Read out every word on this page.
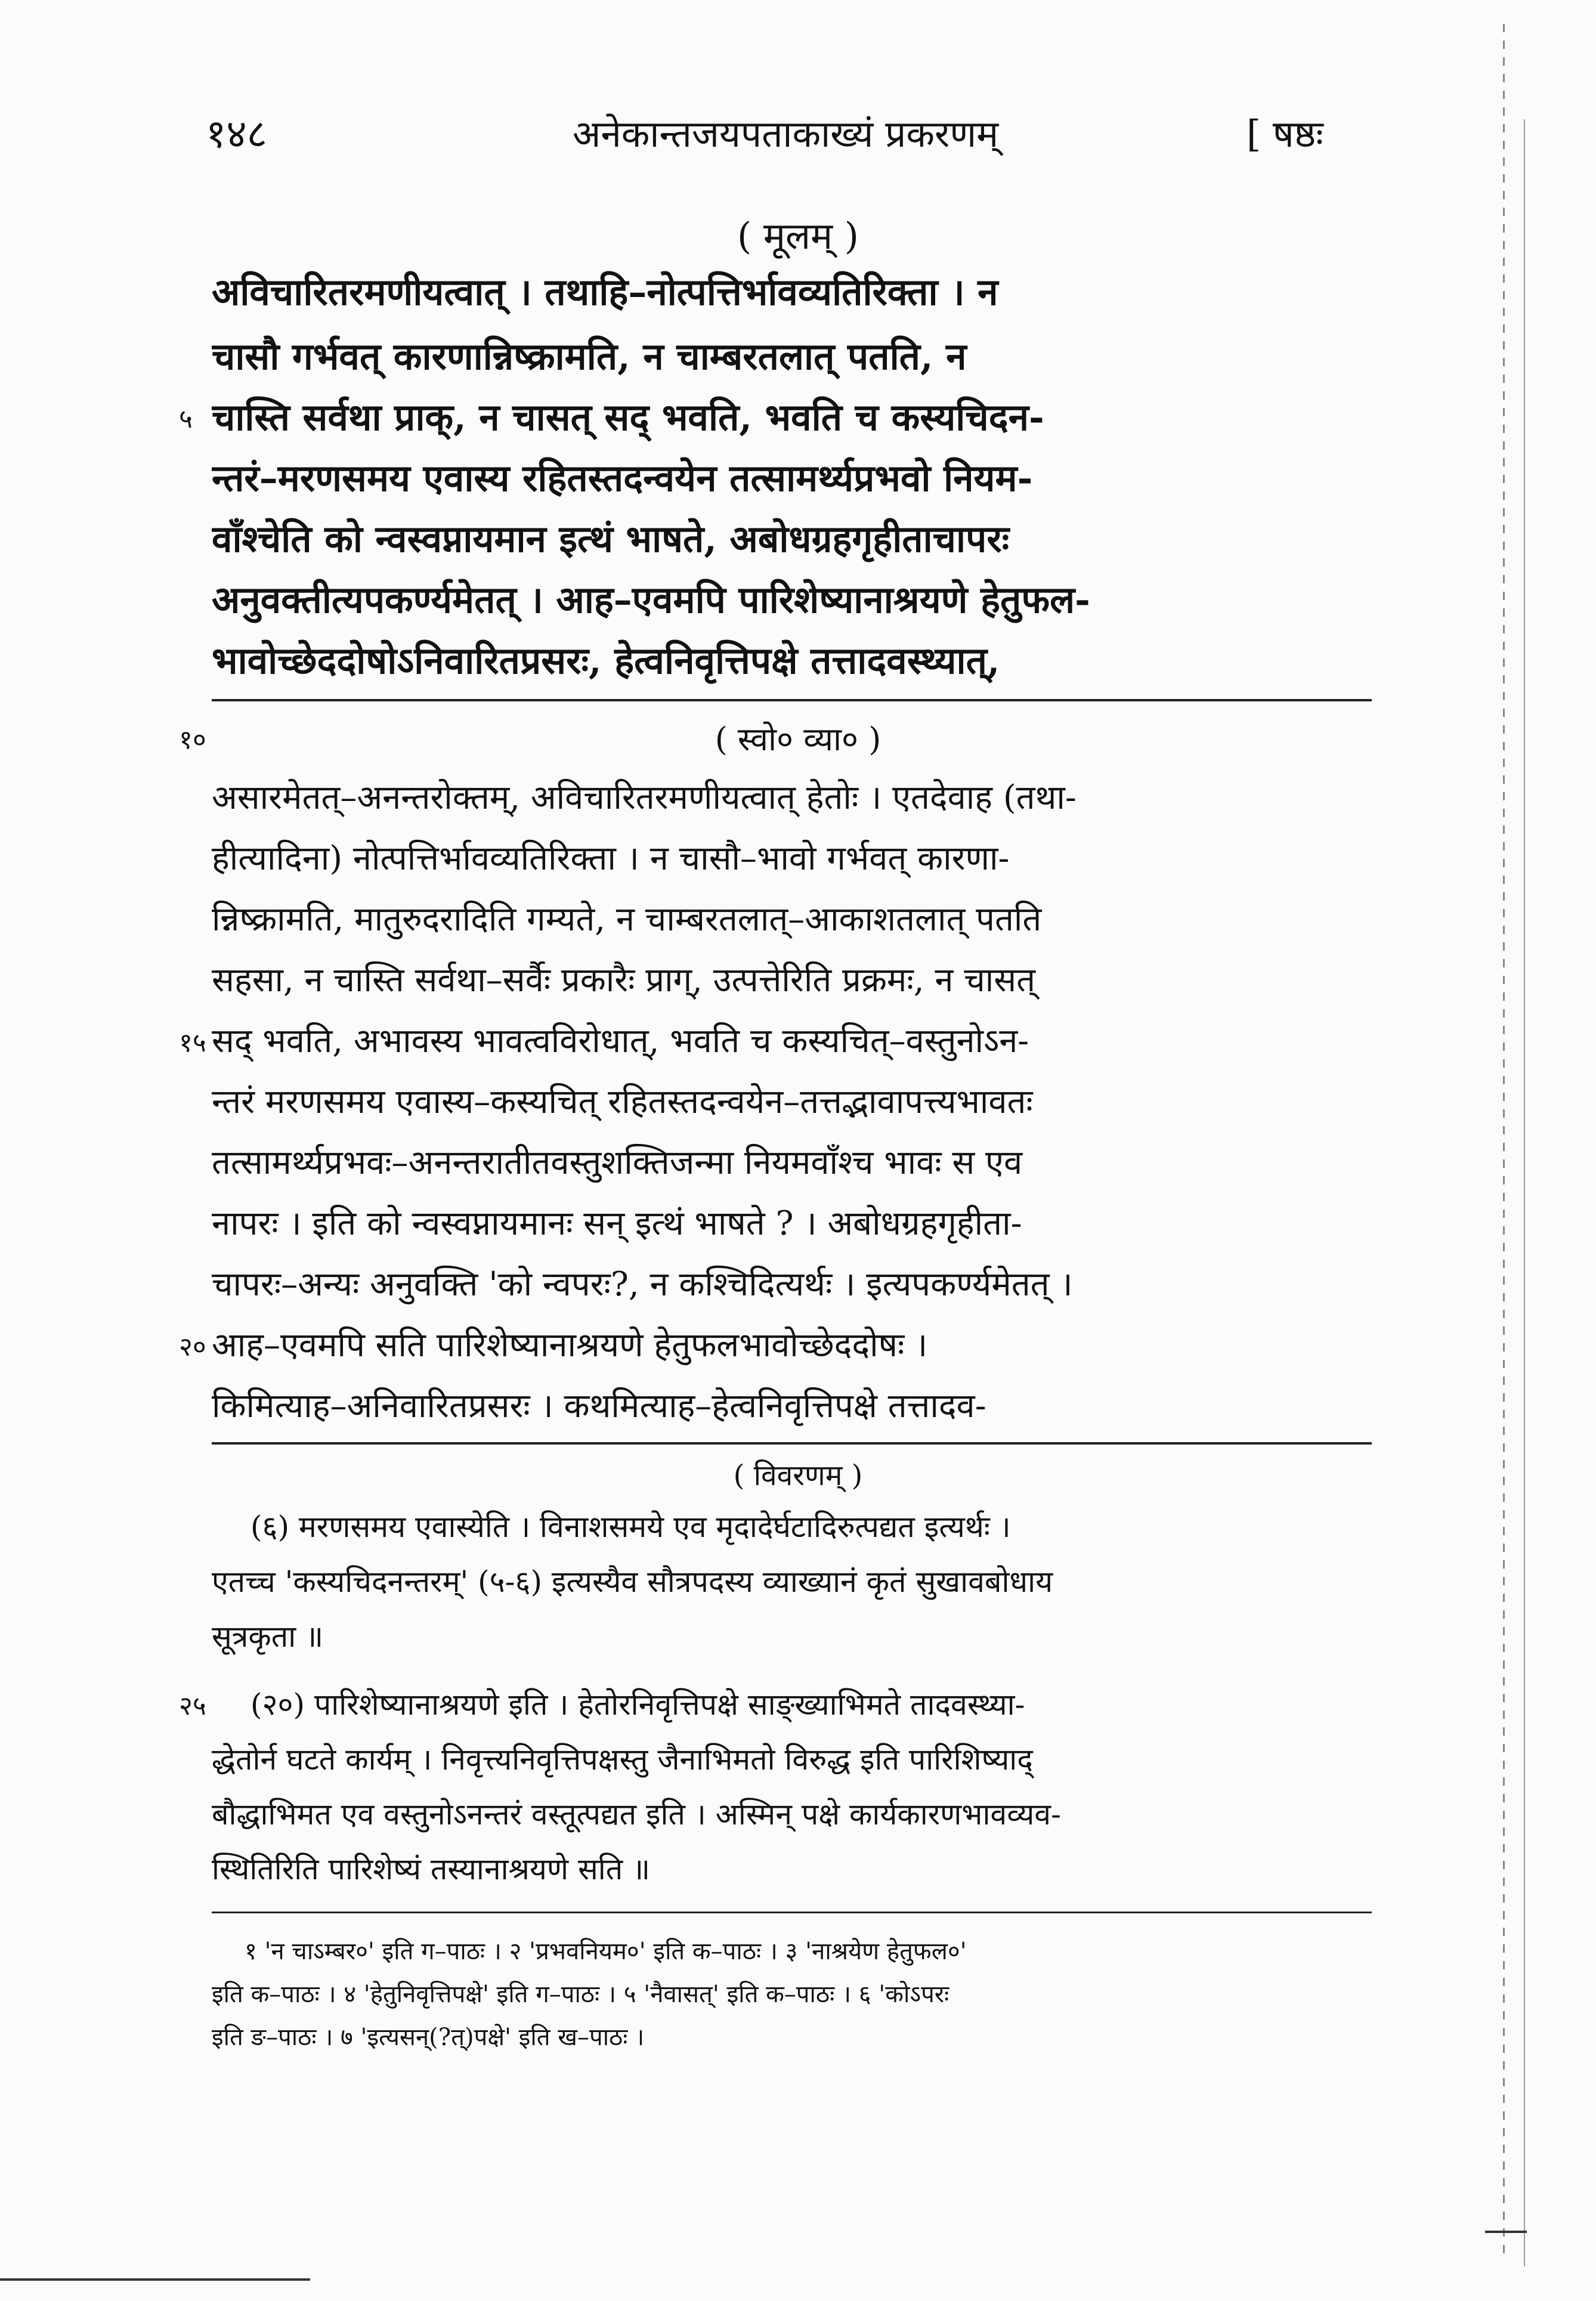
१४८	अनेकान्तजयपताकाख्यं प्रकरणम्	[ षष्ठः
( मूलम् )
अविचारितरमणीयत्वात् । तथाहि–नोत्पत्तिर्भावव्यतिरिक्ता । न
चासौ गर्भवत् कारणान्निष्क्रामति, न चाम्बरतलात् पतति, न
५ चास्ति सर्वथा प्राक्, न चासत् सद् भवति, भवति च कस्यचिदन-
न्तरं–मरणसमय एवास्य रहितस्तदन्वयेन तत्सामर्थ्यप्रभवो नियम-
वाँश्चेति को न्वस्वप्नायमान इत्थं भाषते, अबोधग्रहगृहीताचापरः
अनुवक्तीत्यपकर्ण्यमेतत् । आह–एवमपि पारिशेष्यानाश्रयणे हेतुफल-
भावोच्छेददोषोऽनिवारितप्रसरः, हेत्वनिवृत्तिपक्षे तत्तादवस्थ्यात्,
१०	( स्वो० व्या० )
असारमेतत्–अनन्तरोक्तम्, अविचारितरमणीयत्वात् हेतोः । एतदेवाह (तथा-
हीत्यादिना) नोत्पत्तिर्भावव्यतिरिक्ता । न चासौ–भावो गर्भवत् कारणा-
न्निष्क्रामति, मातुरुदरादिति गम्यते, न चाम्बरतलात्–आकाशतलात् पतति
सहसा, न चास्ति सर्वथा–सर्वैः प्रकारैः प्राग्, उत्पत्तेरिति प्रक्रमः, न चासत्
१५ सद् भवति, अभावस्य भावत्वविरोधात्, भवति च कस्यचित्–वस्तुनोऽन-
न्तरं मरणसमय एवास्य–कस्यचित् रहितस्तदन्वयेन–तत्तद्भावापत्त्यभावतः
तत्सामर्थ्यप्रभवः–अनन्तरातीतवस्तुशक्तिजन्मा नियमवाँश्च भावः स एव
नापरः । इति को न्वस्वप्नायमानः सन् इत्थं भाषते ? । अबोधग्रहगृहीता-
चापरः–अन्यः अनुवक्ति 'को न्वपरः?, न कश्चिदित्यर्थः । इत्यपकर्ण्यमेतत् ।
२० आह–एवमपि सति पारिशेष्यानाश्रयणे हेतुफलभावोच्छेददोषः ।
किमित्याह–अनिवारितप्रसरः । कथमित्याह–हेत्वनिवृत्तिपक्षे तत्तादव-
( विवरणम् )
(६) मरणसमय एवास्येति । विनाशसमये एव मृदादेर्घटादिरुत्पद्यत इत्यर्थः ।
एतच्च 'कस्यचिदनन्तरम्' (५-६) इत्यस्यैव सौत्रपदस्य व्याख्यानं कृतं सुखावबोधाय
सूत्रकृता ॥
२५ (२०) पारिशेष्यानाश्रयणे इति । हेतोरनिवृत्तिपक्षे साङ्ख्याभिमते तादवस्थ्या-
द्धेतोर्न घटते कार्यम् । निवृत्त्यनिवृत्तिपक्षस्तु जैनाभिमतो विरुद्ध इति पारिशिष्याद्
बौद्धाभिमत एव वस्तुनोऽनन्तरं वस्तूत्पद्यत इति । अस्मिन् पक्षे कार्यकारणभावव्यव-
स्थितिरिति पारिशेष्यं तस्यानाश्रयणे सति ॥
१ 'न चाऽम्बर०' इति ग–पाठः । २ 'प्रभवनियम०' इति क–पाठः । ३ 'नाश्रयेण हेतुफल०'
इति क–पाठः । ४ 'हेतुनिवृत्तिपक्षे' इति ग–पाठः । ५ 'नैवासत्' इति क–पाठः । ६ 'कोऽपरः
इति ङ–पाठः । ७ 'इत्यसन्(?त्)पक्षे' इति ख–पाठः ।
